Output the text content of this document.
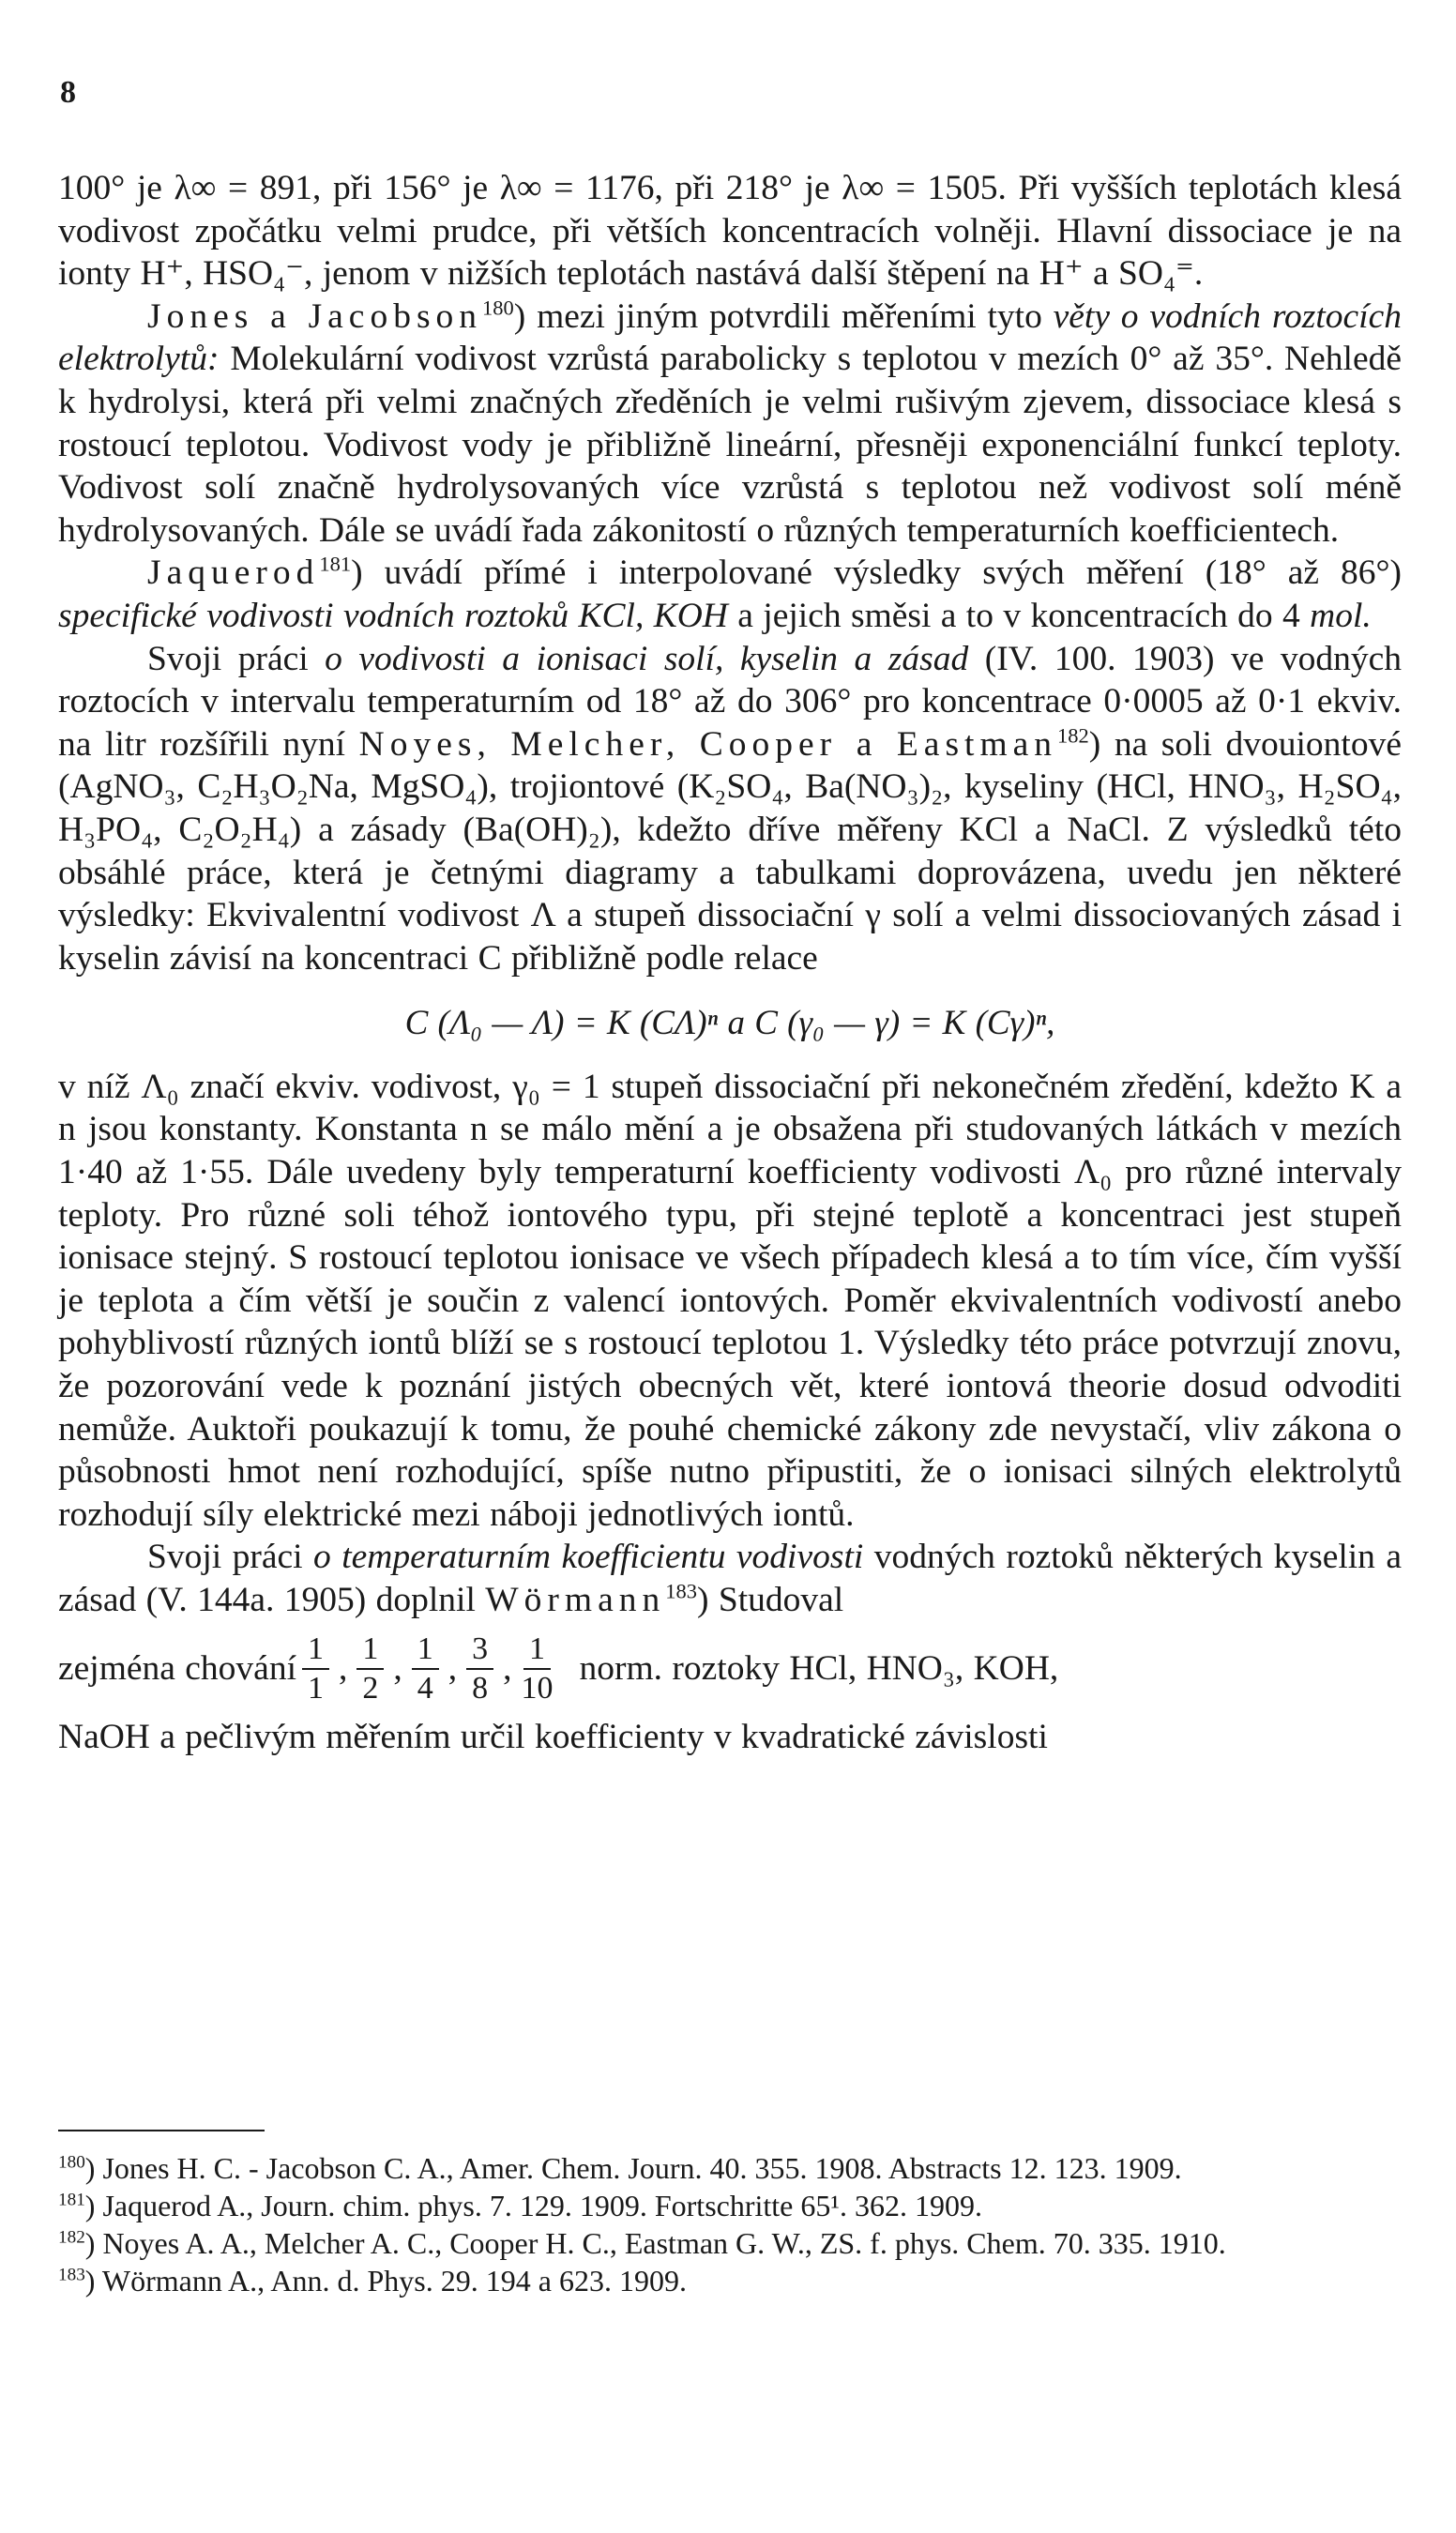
8

100° je λ∞ = 891, při 156° je λ∞ = 1176, při 218° je λ∞ = 1505. Při vyšších teplotách klesá vodivost zpočátku velmi prudce, při větších koncentracích volněji. Hlavní dissociace je na ionty H⁺, HSO₄⁻, jenom v nižších teplotách nastává další štěpení na H⁺ a SO₄⁼.

Jones a Jacobson$^{180}$) mezi jiným potvrdili měřeními tyto věty o vodních roztocích elektrolytů: Molekulární vodivost vzrůstá parabolicky s teplotou v mezích 0° až 35°. Nehledě k hydrolysi, která při velmi značných zředěních je velmi rušivým zjevem, dissociace klesá s rostoucí teplotou. Vodivost vody je přibližně lineární, přesněji exponenciální funkcí teploty. Vodivost solí značně hydrolysovaných více vzrůstá s teplotou než vodivost solí méně hydrolysovaných. Dále se uvádí řada zákonitostí o různých temperaturních koefficientech.

Jaquerod$^{181}$) uvádí přímé i interpolované výsledky svých měření (18° až 86°) specifické vodivosti vodních roztoků KCl, KOH a jejich směsi a to v koncentracích do 4 mol.

Svoji práci o vodivosti a ionisaci solí, kyselin a zásad (IV. 100. 1903) ve vodných roztocích v intervalu temperaturním od 18° až do 306° pro koncentrace 0·0005 až 0·1 ekviv. na litr rozšířili nyní Noyes, Melcher, Cooper a Eastman$^{182}$) na soli dvouiontové (AgNO₃, C₂H₃O₂Na, MgSO₄), trojiontové (K₂SO₄, Ba(NO₃)₂, kyseliny (HCl, HNO₃, H₂SO₄, H₃PO₄, C₂O₂H₄) a zásady (Ba(OH)₂), kdežto dříve měřeny KCl a NaCl. Z výsledků této obsáhlé práce, která je četnými diagramy a tabulkami doprovázena, uvedu jen některé výsledky: Ekvivalentní vodivost Λ a stupeň dissociační γ solí a velmi dissociovaných zásad i kyselin závisí na koncentraci C přibližně podle relace

C (Λ₀ — Λ) = K (CΛ)ⁿ a C (γ₀ — γ) = K (Cγ)ⁿ,

v níž Λ₀ značí ekviv. vodivost, γ₀ = 1 stupeň dissociační při nekonečném zředění, kdežto K a n jsou konstanty. Konstanta n se málo mění a je obsažena při studovaných látkách v mezích 1·40 až 1·55. Dále uvedeny byly temperaturní koefficienty vodivosti Λ₀ pro různé intervaly teploty. Pro různé soli téhož iontového typu, při stejné teplotě a koncentraci jest stupeň ionisace stejný. S rostoucí teplotou ionisace ve všech případech klesá a to tím více, čím vyšší je teplota a čím větší je součin z valencí iontových. Poměr ekvivalentních vodivostí anebo pohyblivostí různých iontů blíží se s rostoucí teplotou 1. Výsledky této práce potvrzují znovu, že pozorování vede k poznání jistých obecných vět, které iontová theorie dosud odvoditi nemůže. Auktoři poukazují k tomu, že pouhé chemické zákony zde nevystačí, vliv zákona o působnosti hmot není rozhodující, spíše nutno připustiti, že o ionisaci silných elektrolytů rozhodují síly elektrické mezi náboji jednotlivých iontů.

Svoji práci o temperaturním koefficientu vodivosti vodných roztoků některých kyselin a zásad (V. 144a. 1905) doplnil Wörmann$^{183}$) Studoval

zejména chování $\frac{1}{1}$ , $\frac{1}{2}$ , $\frac{1}{4}$ , $\frac{3}{8}$ , $\frac{1}{10}$ norm. roztoky HCl, HNO₃, KOH,

NaOH a pečlivým měřením určil koefficienty v kvadratické závislosti

$^{180}$) Jones H. C. - Jacobson C. A., Amer. Chem. Journ. 40. 355. 1908. Abstracts 12. 123. 1909.

$^{181}$) Jaquerod A., Journ. chim. phys. 7. 129. 1909. Fortschritte 65¹. 362. 1909.

$^{182}$) Noyes A. A., Melcher A. C., Cooper H. C., Eastman G. W., ZS. f. phys. Chem. 70. 335. 1910.

$^{183}$) Wörmann A., Ann. d. Phys. 29. 194 a 623. 1909.
